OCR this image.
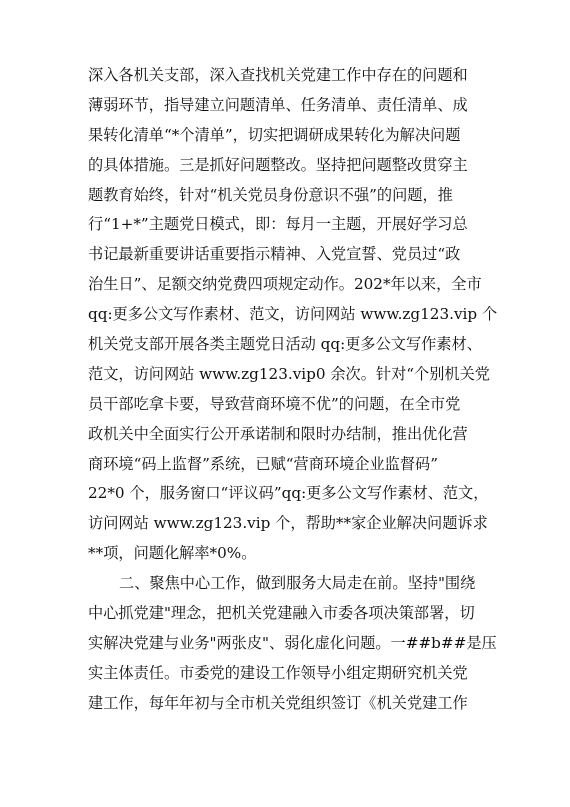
深入各机关支部，深入查找机关党建工作中存在的问题和
薄弱环节，指导建立问题清单、任务清单、责任清单、成
果转化清单“*个清单”，切实把调研成果转化为解决问题
的具体措施。三是抓好问题整改。坚持把问题整改贯穿主
题教育始终，针对“机关党员身份意识不强”的问题，推
行“1+*”主题党日模式，即：每月一主题，开展好学习总
书记最新重要讲话重要指示精神、入党宣誓、党员过“政
治生日”、足额交纳党费四项规定动作。202*年以来，全市
qq:更多公文写作素材、范文，访问网站 www.zg123.vip 个
机关党支部开展各类主题党日活动 qq:更多公文写作素材、
范文，访问网站 www.zg123.vip0 余次。针对“个别机关党
员干部吃拿卡要，导致营商环境不优”的问题，在全市党
政机关中全面实行公开承诺制和限时办结制，推出优化营
商环境“码上监督”系统，已赋“营商环境企业监督码”
22*0 个，服务窗口“评议码”qq:更多公文写作素材、范文，
访问网站 www.zg123.vip 个，帮助**家企业解决问题诉求
**项，问题化解率*0%。
二、聚焦中心工作，做到服务大局走在前。坚持"围绕
中心抓党建"理念，把机关党建融入市委各项决策部署，切
实解决党建与业务"两张皮"、弱化虚化问题。一##b##是压
实主体责任。市委党的建设工作领导小组定期研究机关党
建工作，每年年初与全市机关党组织签订《机关党建工作
